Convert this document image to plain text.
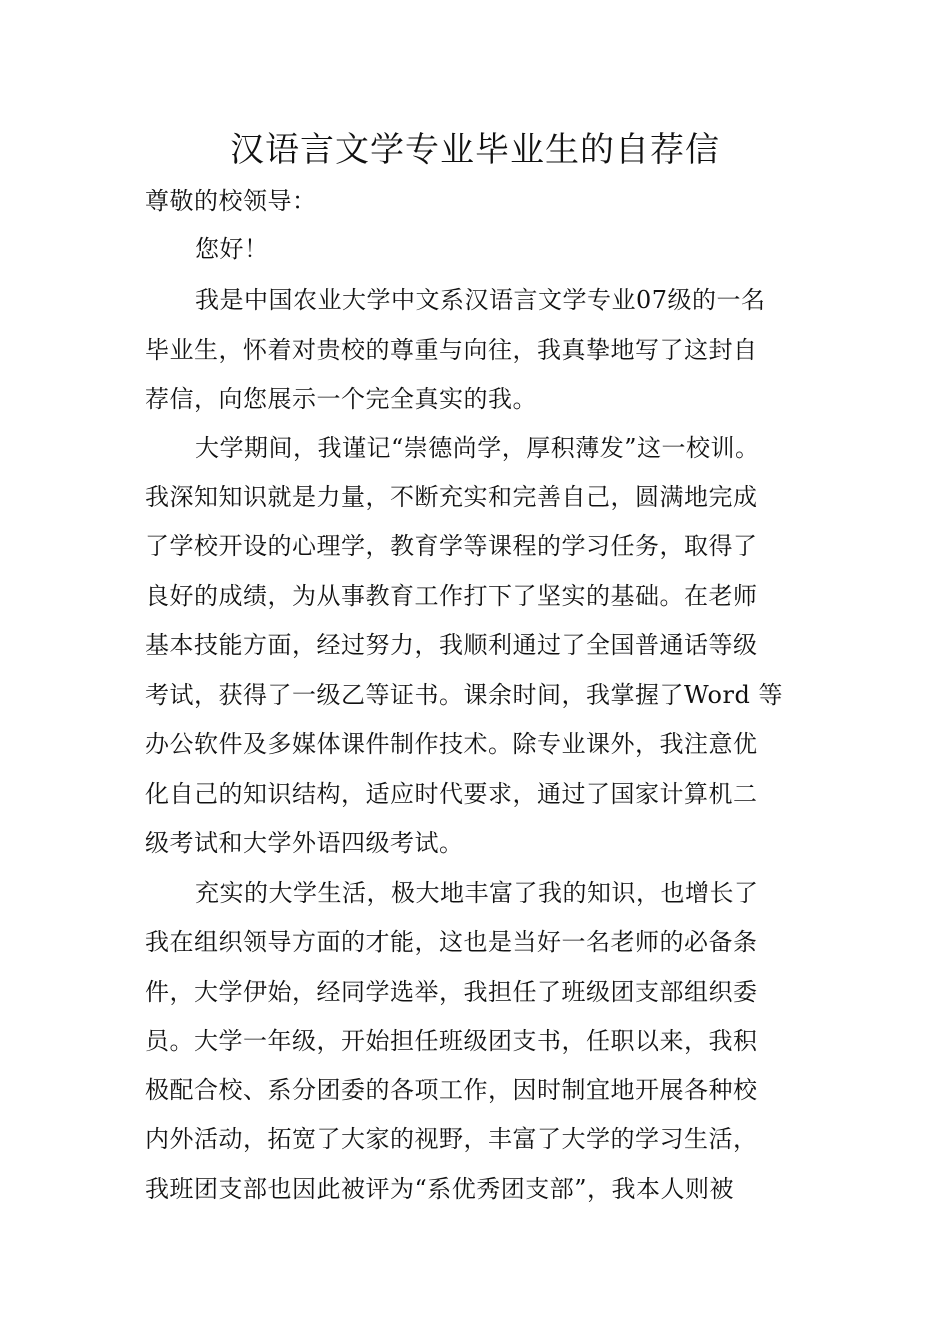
汉语言文学专业毕业生的自荐信
尊敬的校领导：
您好！
我是中国农业大学中文系汉语言文学专业07级的一名
毕业生，怀着对贵校的尊重与向往，我真挚地写了这封自
荐信，向您展示一个完全真实的我。
大学期间，我谨记“崇德尚学，厚积薄发”这一校训。
我深知知识就是力量，不断充实和完善自己，圆满地完成
了学校开设的心理学，教育学等课程的学习任务，取得了
良好的成绩，为从事教育工作打下了坚实的基础。在老师
基本技能方面，经过努力，我顺利通过了全国普通话等级
考试，获得了一级乙等证书。课余时间，我掌握了Word 等
办公软件及多媒体课件制作技术。除专业课外，我注意优
化自己的知识结构，适应时代要求，通过了国家计算机二
级考试和大学外语四级考试。
充实的大学生活，极大地丰富了我的知识，也增长了
我在组织领导方面的才能，这也是当好一名老师的必备条
件，大学伊始，经同学选举，我担任了班级团支部组织委
员。大学一年级，开始担任班级团支书，任职以来，我积
极配合校、系分团委的各项工作，因时制宜地开展各种校
内外活动，拓宽了大家的视野，丰富了大学的学习生活，
我班团支部也因此被评为“系优秀团支部”，我本人则被
